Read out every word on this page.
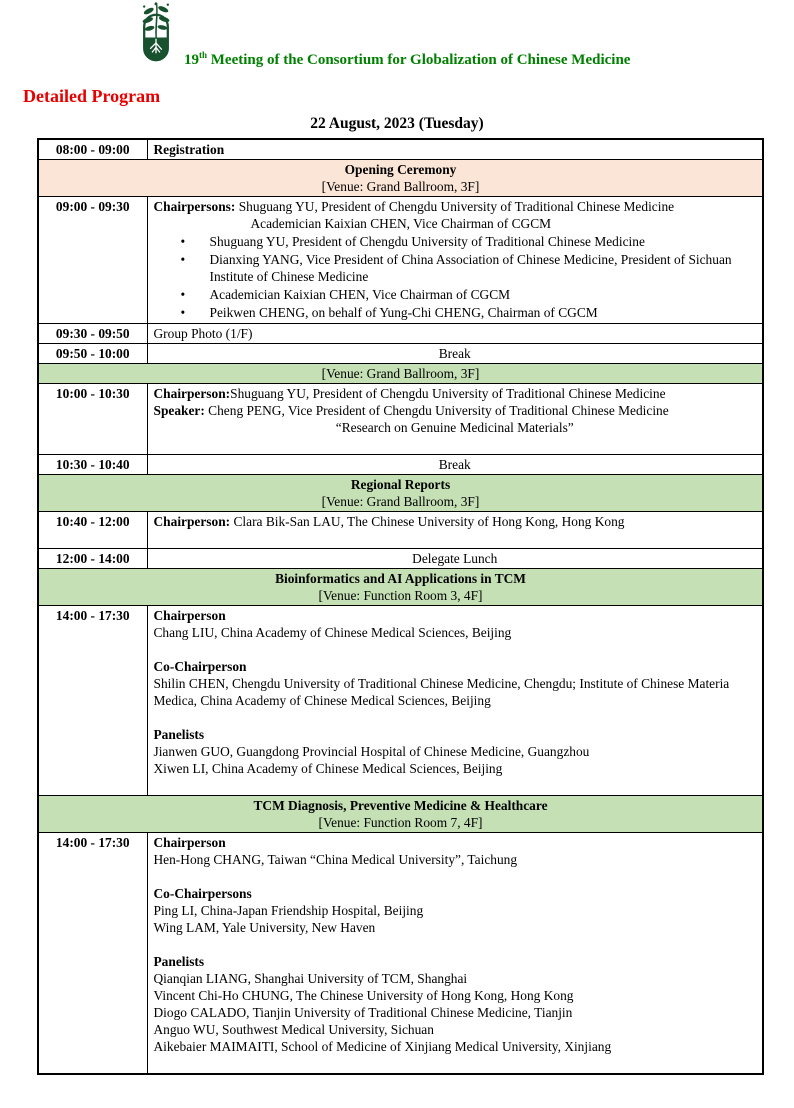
19th Meeting of the Consortium for Globalization of Chinese Medicine
Detailed Program
22 August, 2023 (Tuesday)
08:00 - 09:00	Registration

Opening Ceremony
[Venue: Grand Ballroom, 3F]	

09:00 - 09:30	Chairpersons: Shuguang YU, President of Chengdu University of Traditional Chinese Medicine
Academician Kaixian CHEN, Vice Chairman of CGCM
• Shuguang YU, President of Chengdu University of Traditional Chinese Medicine
• Dianxing YANG, Vice President of China Association of Chinese Medicine, President of Sichuan Institute of Chinese Medicine
• Academician Kaixian CHEN, Vice Chairman of CGCM
• Peikwen CHENG, on behalf of Yung-Chi CHENG, Chairman of CGCM

09:30 - 09:50	Group Photo (1/F)

09:50 - 10:00	Break

[Venue: Grand Ballroom, 3F]	

10:00 - 10:30	Chairperson:Shuguang YU, President of Chengdu University of Traditional Chinese Medicine
Speaker: Cheng PENG, Vice President of Chengdu University of Traditional Chinese Medicine
“Research on Genuine Medicinal Materials”

10:30 - 10:40	Break

Regional Reports
[Venue: Grand Ballroom, 3F]	

10:40 - 12:00	Chairperson: Clara Bik-San LAU, The Chinese University of Hong Kong, Hong Kong

12:00 - 14:00	Delegate Lunch

Bioinformatics and AI Applications in TCM
[Venue: Function Room 3, 4F]	

14:00 - 17:30	Chairperson
Chang LIU, China Academy of Chinese Medical Sciences, Beijing

Co-Chairperson
Shilin CHEN, Chengdu University of Traditional Chinese Medicine, Chengdu; Institute of Chinese Materia Medica, China Academy of Chinese Medical Sciences, Beijing

Panelists
Jianwen GUO, Guangdong Provincial Hospital of Chinese Medicine, Guangzhou
Xiwen LI, China Academy of Chinese Medical Sciences, Beijing

TCM Diagnosis, Preventive Medicine & Healthcare
[Venue: Function Room 7, 4F]	

14:00 - 17:30	Chairperson
Hen-Hong CHANG, Taiwan “China Medical University”, Taichung

Co-Chairpersons
Ping LI, China-Japan Friendship Hospital, Beijing
Wing LAM, Yale University, New Haven

Panelists
Qianqian LIANG, Shanghai University of TCM, Shanghai
Vincent Chi-Ho CHUNG, The Chinese University of Hong Kong, Hong Kong
Diogo CALADO, Tianjin University of Traditional Chinese Medicine, Tianjin
Anguo WU, Southwest Medical University, Sichuan
Aikebaier MAIMAITI, School of Medicine of Xinjiang Medical University, Xinjiang
